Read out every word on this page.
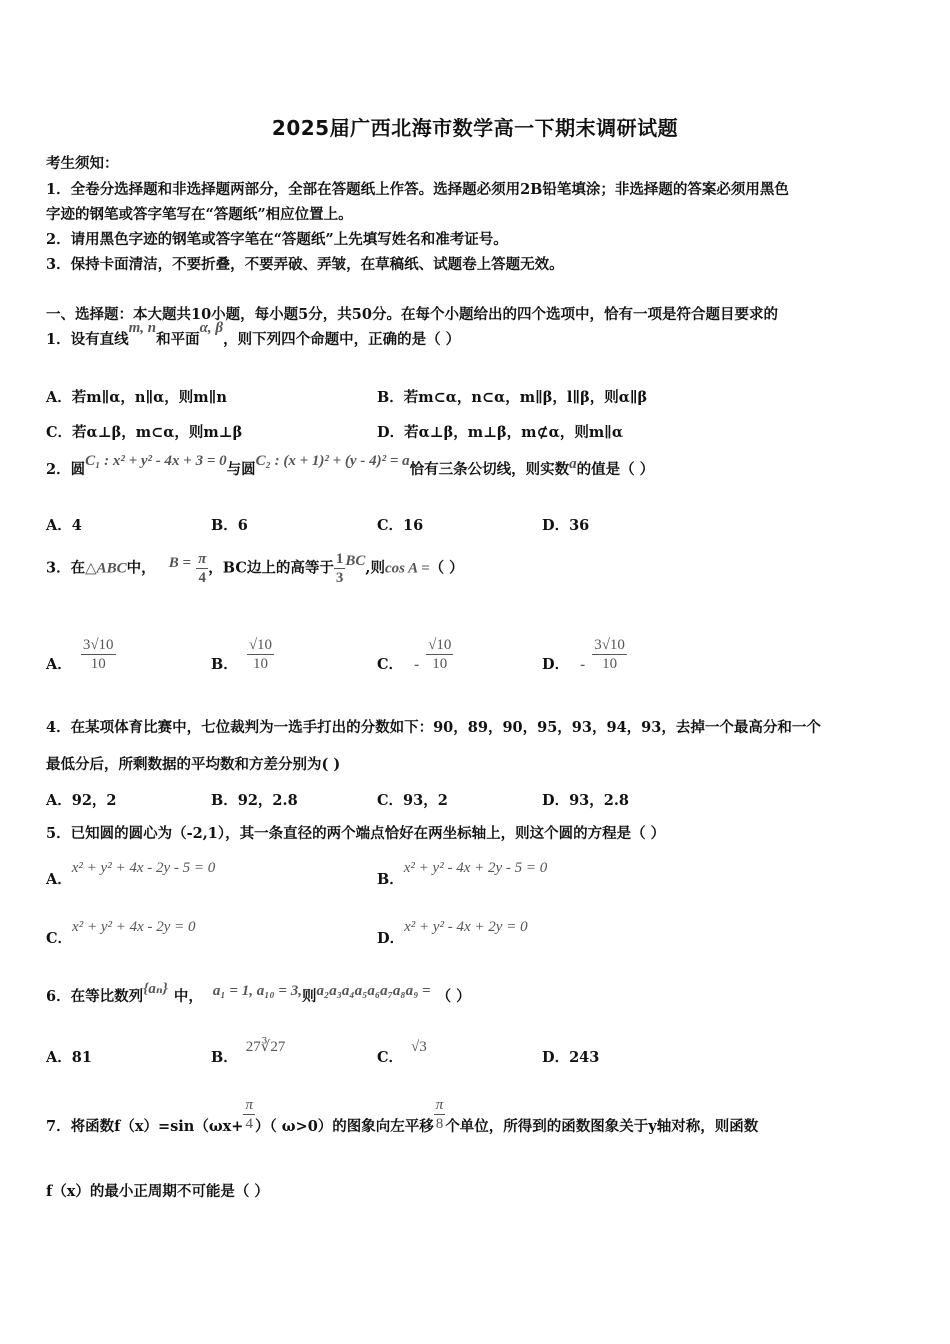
2025届广西北海市数学高一下期末调研试题
考生须知：
1．全卷分选择题和非选择题两部分，全部在答题纸上作答。选择题必须用2B铅笔填涂；非选择题的答案必须用黑色
字迹的钢笔或答字笔写在“答题纸”相应位置上。
2．请用黑色字迹的钢笔或答字笔在“答题纸”上先填写姓名和准考证号。
3．保持卡面清洁，不要折叠，不要弄破、弄皱，在草稿纸、试题卷上答题无效。
一、选择题：本大题共10小题，每小题5分，共50分。在每个小题给出的四个选项中，恰有一项是符合题目要求的
1．设有直线m, n和平面α, β，则下列四个命题中，正确的是（ ）
A．若m∥α，n∥α，则m∥n	B．若m⊂α，n⊂α，m∥β，l∥β，则α∥β
C．若α⊥β，m⊂α，则m⊥β	D．若α⊥β，m⊥β，m⊄α，则m∥α
2．圆C₁ : x² + y² - 4x + 3 = 0与圆C₂ : (x + 1)² + (y - 4)² = a恰有三条公切线，则实数a的值是（ ）
A．4	B．6	C．16	D．36
3．在△ABC中， $B = \frac{\pi}{4}$ ，BC边上的高等于 $\frac{1}{3}$ BC,则cos A =（ ）
A． $\frac{3√10}{10}$	B． $\frac{√10}{10}$	C． - $\frac{√10}{10}$	D． - $\frac{3√10}{10}$
4．在某项体育比赛中，七位裁判为一选手打出的分数如下：90，89，90，95，93，94，93，去掉一个最高分和一个
最低分后，所剩数据的平均数和方差分别为( )
A．92，2	B．92，2.8	C．93，2	D．93，2.8
5．已知圆的圆心为（-2,1），其一条直径的两个端点恰好在两坐标轴上，则这个圆的方程是（ ）
A．x² + y² + 4x - 2y - 5 = 0
B．x² + y² - 4x + 2y - 5 = 0
C．x² + y² + 4x - 2y = 0
D．x² + y² - 4x + 2y = 0
6．在等比数列{aₙ} 中， a₁ = 1, a₁₀ = 3,则a₂a₃a₄a₅a₆a₇a₈a₉ = （ ）
A．81	B．27∛27
C．√3
D．243
7．将函数$f(x)=\sin(\omega x+ \frac{\pi}{4}$ ）（ ω>0）的图象向左平移 $\frac{\pi}{8}$ 个单位，所得到的函数图象关于y轴对称，则函数
f（x）的最小正周期不可能是（ ）
